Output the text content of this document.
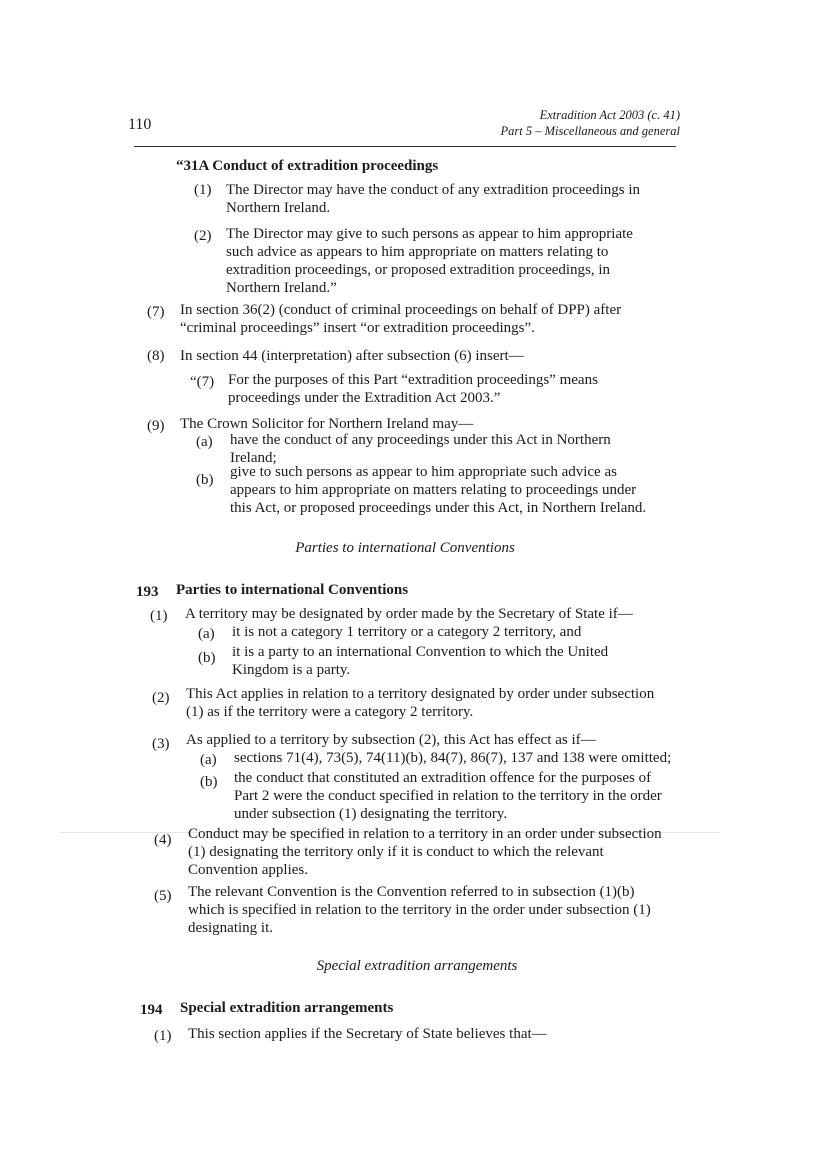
110
Extradition Act 2003 (c. 41)
Part 5 – Miscellaneous and general
“31A Conduct of extradition proceedings
(1) The Director may have the conduct of any extradition proceedings in
Northern Ireland.
(2) The Director may give to such persons as appear to him appropriate
such advice as appears to him appropriate on matters relating to
extradition proceedings, or proposed extradition proceedings, in
Northern Ireland.”
(7) In section 36(2) (conduct of criminal proceedings on behalf of DPP) after
“criminal proceedings” insert “or extradition proceedings”.
(8) In section 44 (interpretation) after subsection (6) insert—
“(7) For the purposes of this Part “extradition proceedings” means
proceedings under the Extradition Act 2003.”
(9) The Crown Solicitor for Northern Ireland may—
(a) have the conduct of any proceedings under this Act in Northern
Ireland;
(b) give to such persons as appear to him appropriate such advice as
appears to him appropriate on matters relating to proceedings under
this Act, or proposed proceedings under this Act, in Northern Ireland.
Parties to international Conventions
193 Parties to international Conventions
(1) A territory may be designated by order made by the Secretary of State if—
(a) it is not a category 1 territory or a category 2 territory, and
(b) it is a party to an international Convention to which the United
Kingdom is a party.
(2) This Act applies in relation to a territory designated by order under subsection
(1) as if the territory were a category 2 territory.
(3) As applied to a territory by subsection (2), this Act has effect as if—
(a) sections 71(4), 73(5), 74(11)(b), 84(7), 86(7), 137 and 138 were omitted;
(b) the conduct that constituted an extradition offence for the purposes of
Part 2 were the conduct specified in relation to the territory in the order
under subsection (1) designating the territory.
(4) Conduct may be specified in relation to a territory in an order under subsection
(1) designating the territory only if it is conduct to which the relevant
Convention applies.
(5) The relevant Convention is the Convention referred to in subsection (1)(b)
which is specified in relation to the territory in the order under subsection (1)
designating it.
Special extradition arrangements
194 Special extradition arrangements
(1) This section applies if the Secretary of State believes that—
